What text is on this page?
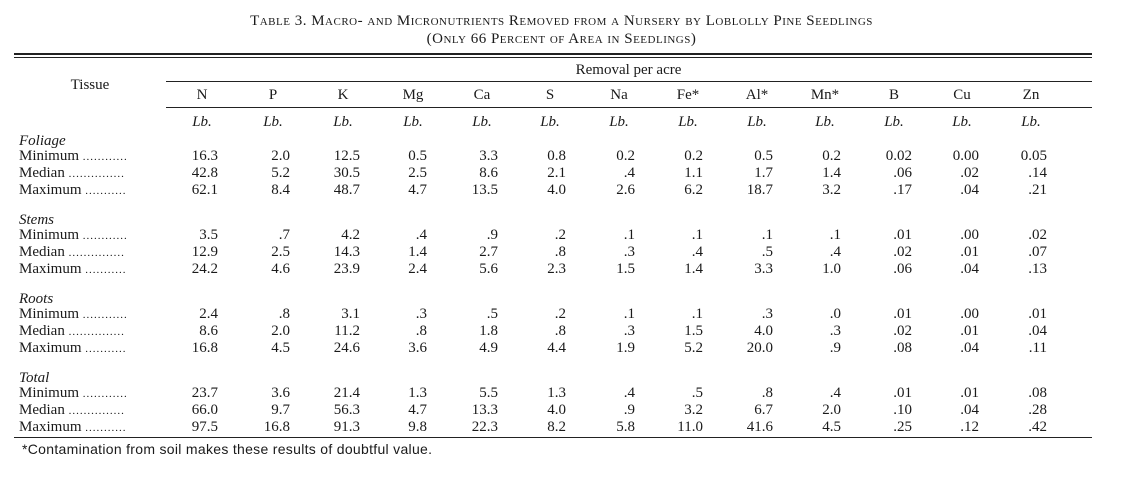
Table 3. Macro- and Micronutrients Removed from a Nursery by Loblolly Pine Seedlings
(Only 66 Percent of Area in Seedlings)
Tissue
Removal per acre
N	P	K	Mg	Ca	S	Na	Fe*	Al*	Mn*	B	Cu	Zn
Lb.	Lb.	Lb.	Lb.	Lb.	Lb.	Lb.	Lb.	Lb.	Lb.	Lb.	Lb.	Lb.
Foliage
Minimum ............	16.3	2.0	12.5	0.5	3.3	0.8	0.2	0.2	0.5	0.2	0.02	0.00	0.05
Median ...............	42.8	5.2	30.5	2.5	8.6	2.1	.4	1.1	1.7	1.4	.06	.02	.14
Maximum ...........	62.1	8.4	48.7	4.7	13.5	4.0	2.6	6.2	18.7	3.2	.17	.04	.21
Stems
Minimum ............	3.5	.7	4.2	.4	.9	.2	.1	.1	.1	.1	.01	.00	.02
Median ...............	12.9	2.5	14.3	1.4	2.7	.8	.3	.4	.5	.4	.02	.01	.07
Maximum ...........	24.2	4.6	23.9	2.4	5.6	2.3	1.5	1.4	3.3	1.0	.06	.04	.13
Roots
Minimum ............	2.4	.8	3.1	.3	.5	.2	.1	.1	.3	.0	.01	.00	.01
Median ...............	8.6	2.0	11.2	.8	1.8	.8	.3	1.5	4.0	.3	.02	.01	.04
Maximum ...........	16.8	4.5	24.6	3.6	4.9	4.4	1.9	5.2	20.0	.9	.08	.04	.11
Total
Minimum ............	23.7	3.6	21.4	1.3	5.5	1.3	.4	.5	.8	.4	.01	.01	.08
Median ...............	66.0	9.7	56.3	4.7	13.3	4.0	.9	3.2	6.7	2.0	.10	.04	.28
Maximum ...........	97.5	16.8	91.3	9.8	22.3	8.2	5.8	11.0	41.6	4.5	.25	.12	.42
*Contamination from soil makes these results of doubtful value.
